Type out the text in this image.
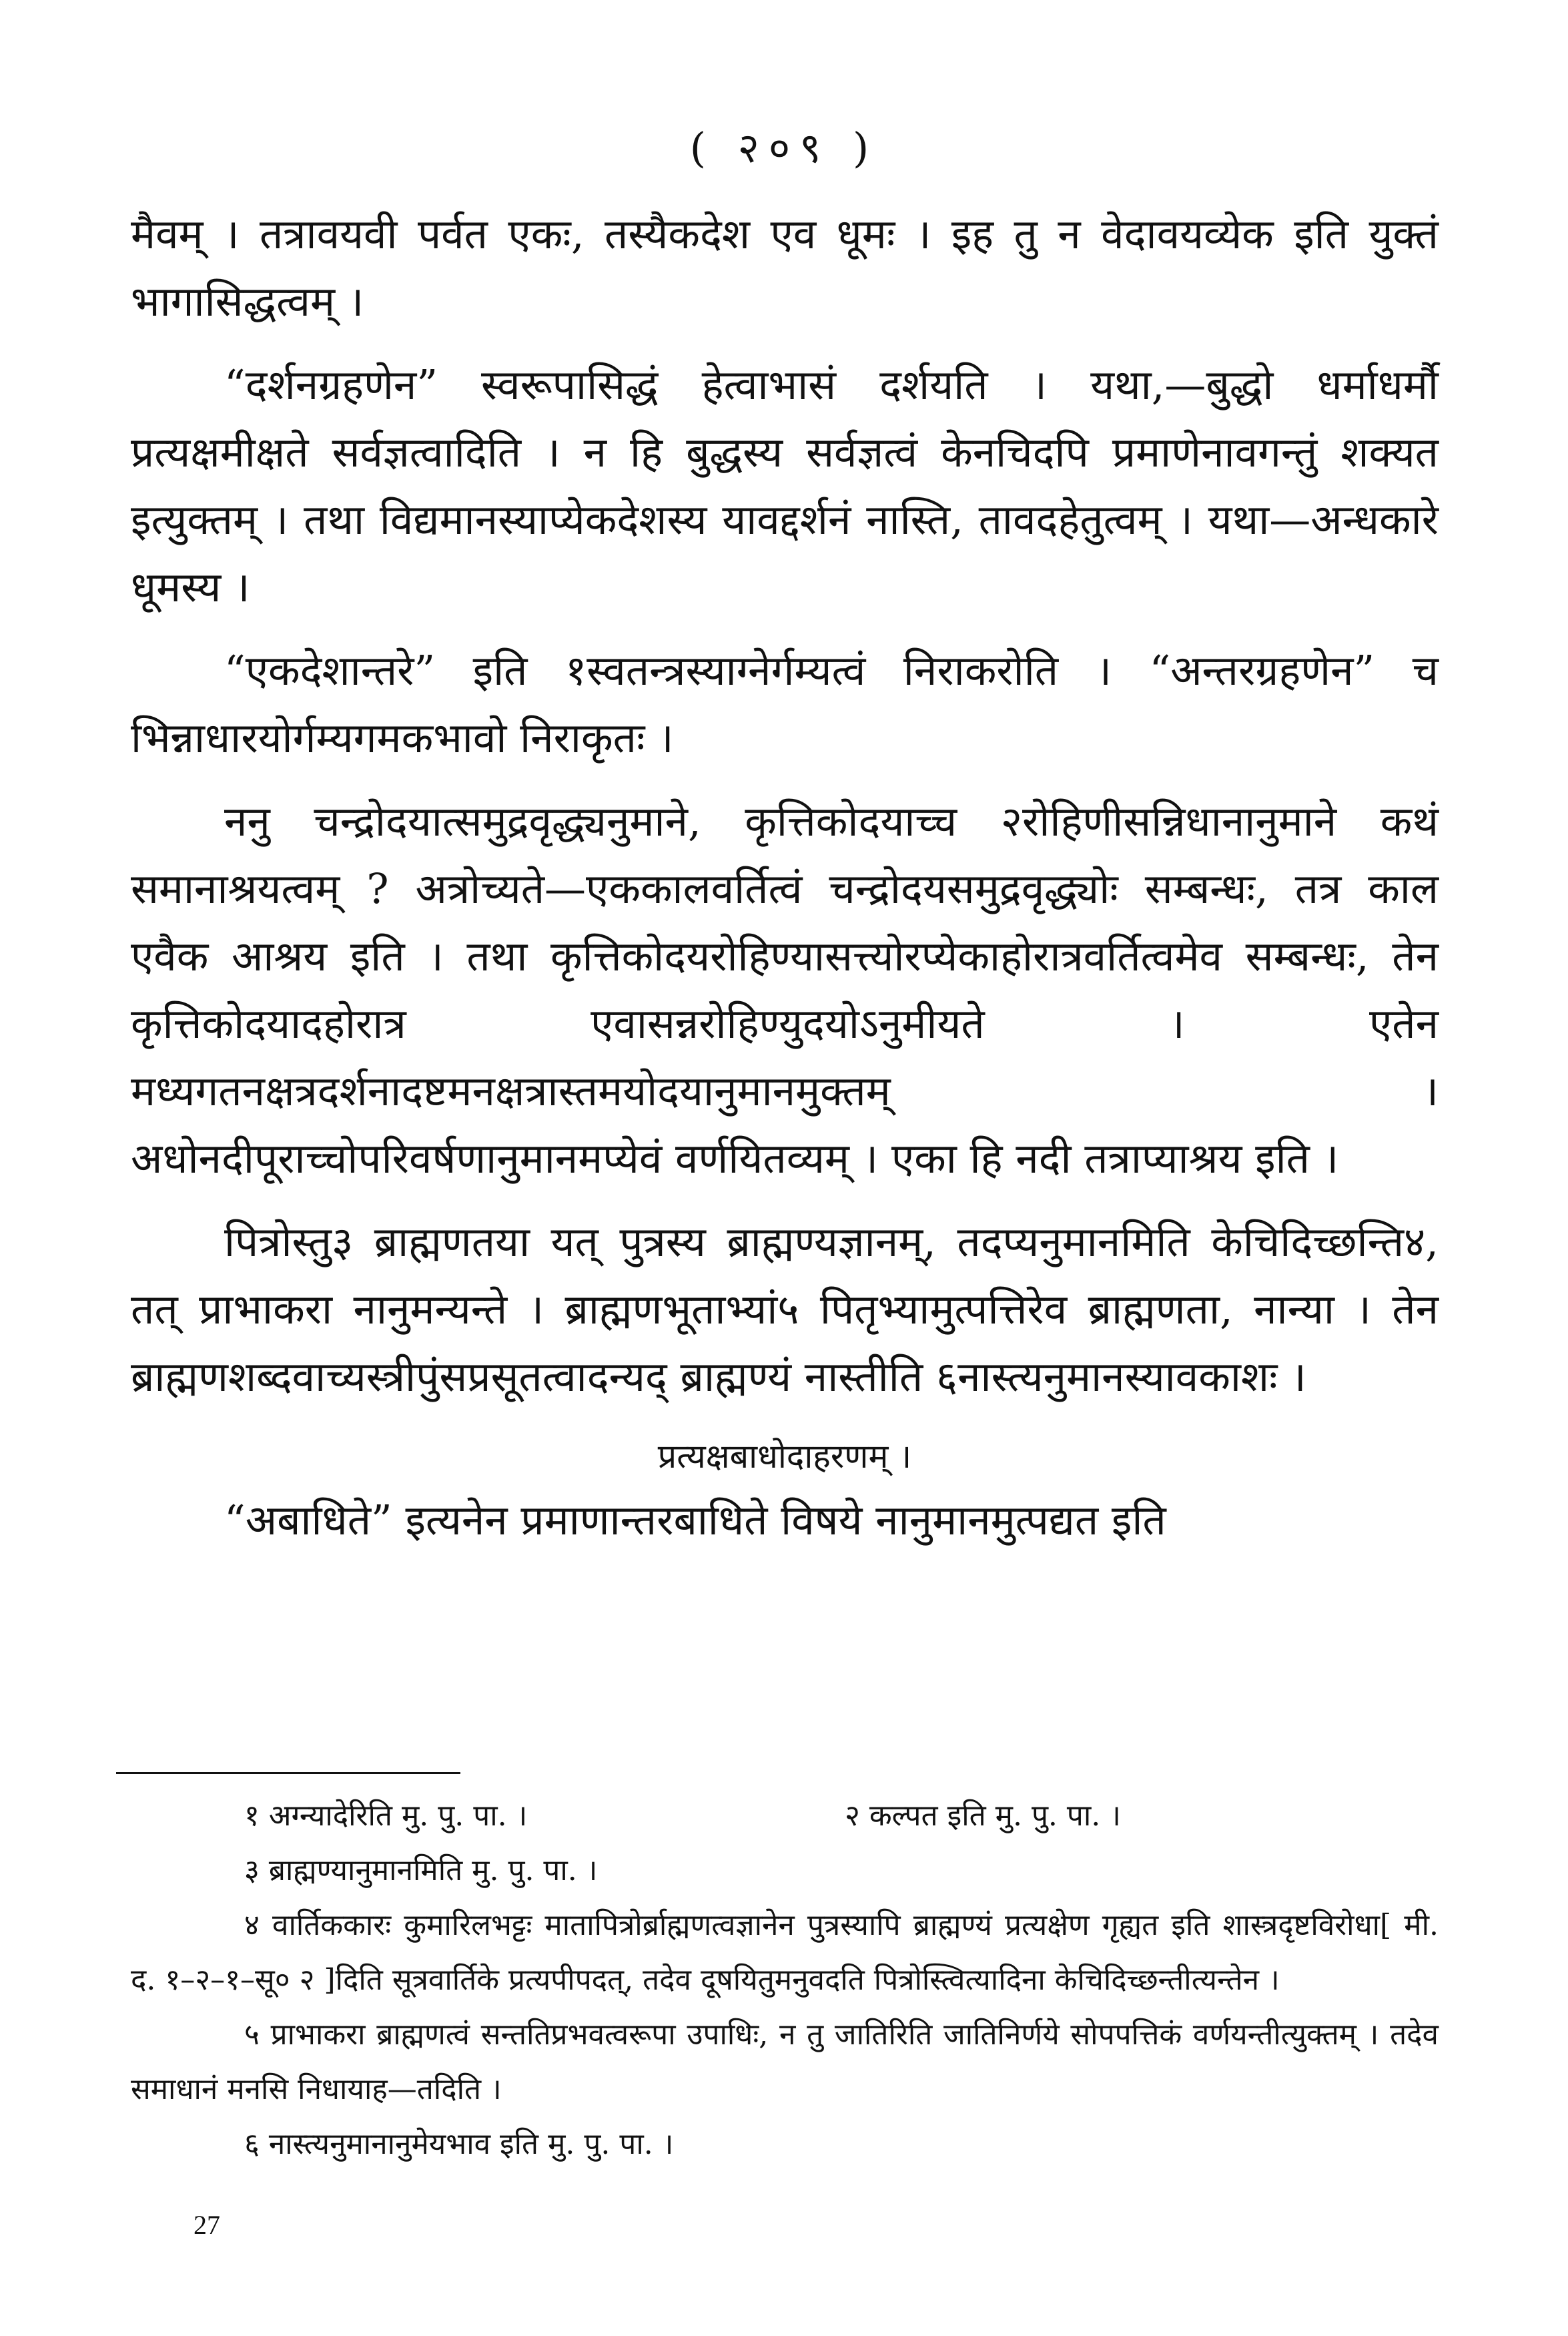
( २०९ )

मैवम् । तत्रावयवी पर्वत एकः, तस्यैकदेश एव धूमः । इह तु न वेदावयव्येक इति युक्तं भागासिद्धत्वम् ।

“दर्शनग्रहणेन” स्वरूपासिद्धं हेत्वाभासं दर्शयति । यथा,—बुद्धो धर्माधर्मौ प्रत्यक्षमीक्षते सर्वज्ञत्वादिति । न हि बुद्धस्य सर्वज्ञत्वं केनचिदपि प्रमाणेनावगन्तुं शक्यत इत्युक्तम् । तथा विद्यमानस्याप्येकदेशस्य यावद्दर्शनं नास्ति, तावदहेतुत्वम् । यथा—अन्धकारे धूमस्य ।

“एकदेशान्तरे” इति १स्वतन्त्रस्याग्नेर्गम्यत्वं निराकरोति । “अन्तरग्रहणेन” च भिन्नाधारयोर्गम्यगमकभावो निराकृतः ।

ननु चन्द्रोदयात्समुद्रवृद्ध्यनुमाने, कृत्तिकोदयाच्च २रोहिणीसन्निधानानुमाने कथं समानाश्रयत्वम् ? अत्रोच्यते—एककालवर्तित्वं चन्द्रोदयसमुद्रवृद्ध्योः सम्बन्धः, तत्र काल एवैक आश्रय इति । तथा कृत्तिकोदयरोहिण्यासत्त्योरप्येकाहोरात्रवर्तित्वमेव सम्बन्धः, तेन कृत्तिकोदयादहोरात्र एवासन्नरोहिण्युदयोऽनुमीयते । एतेन मध्यगतनक्षत्रदर्शनादष्टमनक्षत्रास्तमयोदयानुमानमुक्तम् । अधोनदीपूराच्चोपरिवर्षणानुमानमप्येवं वर्णयितव्यम् । एका हि नदी तत्राप्याश्रय इति ।

पित्रोस्तु३ ब्राह्मणतया यत् पुत्रस्य ब्राह्मण्यज्ञानम्, तदप्यनुमानमिति केचिदिच्छन्ति४, तत् प्राभाकरा नानुमन्यन्ते । ब्राह्मणभूताभ्यां५ पितृभ्यामुत्पत्तिरेव ब्राह्मणता, नान्या । तेन ब्राह्मणशब्दवाच्यस्त्रीपुंसप्रसूतत्वादन्यद् ब्राह्मण्यं नास्तीति ६नास्त्यनुमानस्यावकाशः ।

प्रत्यक्षबाधोदाहरणम् ।

“अबाधिते” इत्यनेन प्रमाणान्तरबाधिते विषये नानुमानमुत्पद्यत इति

१ अग्न्यादेरिति मु. पु. पा. ।	२ कल्पत इति मु. पु. पा. ।

३ ब्राह्मण्यानुमानमिति मु. पु. पा. ।

४ वार्तिककारः कुमारिलभट्टः मातापित्रोर्ब्राह्मणत्वज्ञानेन पुत्रस्यापि ब्राह्मण्यं प्रत्यक्षेण गृह्यत इति शास्त्रदृष्टविरोधा[ मी. द. १–२–१–सू० २ ]दिति सूत्रवार्तिके प्रत्यपीपदत्, तदेव दूषयितुमनुवदति पित्रोस्त्वित्यादिना केचिदिच्छन्तीत्यन्तेन ।

५ प्राभाकरा ब्राह्मणत्वं सन्ततिप्रभवत्वरूपा उपाधिः, न तु जातिरिति जातिनिर्णये सोपपत्तिकं वर्णयन्तीत्युक्तम् । तदेव समाधानं मनसि निधायाह—तदिति ।

६ नास्त्यनुमानानुमेयभाव इति मु. पु. पा. ।

27
